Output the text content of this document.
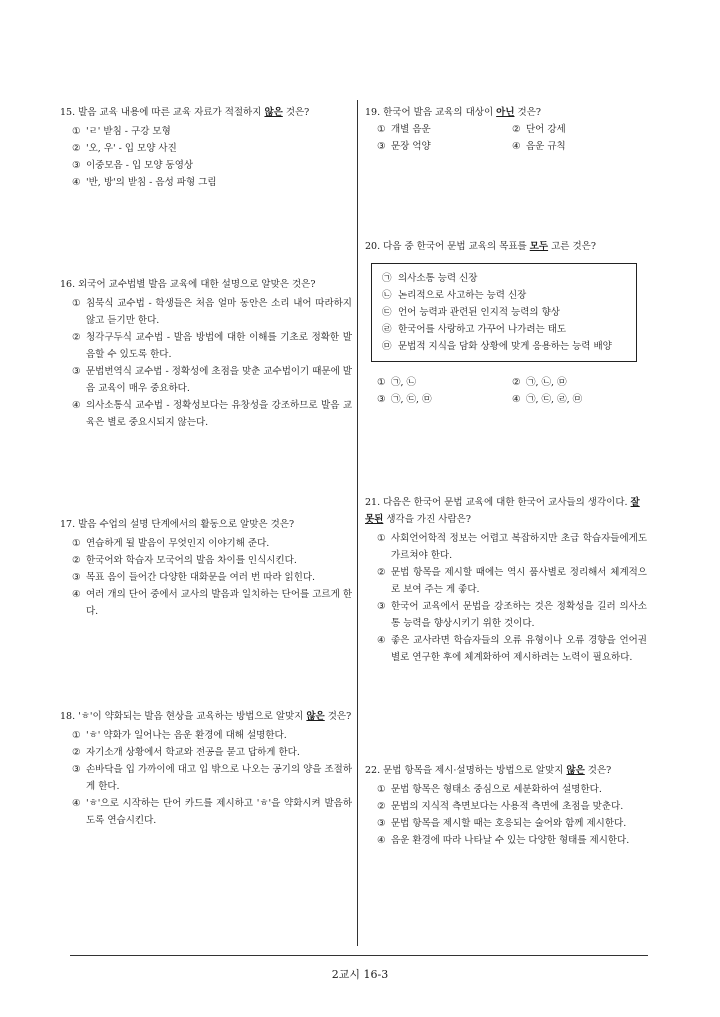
15. 발음 교육 내용에 따른 교육 자료가 적절하지 않은 것은?

① 'ㄹ' 받침 - 구강 모형
② '오, 우' - 입 모양 사진
③ 이중모음 - 입 모양 동영상
④ '반, 방'의 받침 - 음성 파형 그림

16. 외국어 교수법별 발음 교육에 대한 설명으로 알맞은 것은?

① 침묵식 교수법 - 학생들은 처음 얼마 동안은 소리 내어 따라하지 않고 듣기만 한다.
② 청각구두식 교수법 - 발음 방법에 대한 이해를 기초로 정확한 발음할 수 있도록 한다.
③ 문법번역식 교수법 - 정확성에 초점을 맞춘 교수법이기 때문에 발음 교육이 매우 중요하다.
④ 의사소통식 교수법 - 정확성보다는 유창성을 강조하므로 발음 교육은 별로 중요시되지 않는다.

17. 발음 수업의 설명 단계에서의 활동으로 알맞은 것은?

① 연습하게 될 발음이 무엇인지 이야기해 준다.
② 한국어와 학습자 모국어의 발음 차이를 인식시킨다.
③ 목표 음이 들어간 다양한 대화문을 여러 번 따라 읽힌다.
④ 여러 개의 단어 중에서 교사의 발음과 일치하는 단어를 고르게 한다.

18. 'ㅎ'이 약화되는 발음 현상을 교육하는 방법으로 알맞지 않은 것은?

① 'ㅎ' 약화가 일어나는 음운 환경에 대해 설명한다.
② 자기소개 상황에서 학교와 전공을 묻고 답하게 한다.
③ 손바닥을 입 가까이에 대고 입 밖으로 나오는 공기의 양을 조절하게 한다.
④ 'ㅎ'으로 시작하는 단어 카드를 제시하고 'ㅎ'을 약화시켜 발음하도록 연습시킨다.

19. 한국어 발음 교육의 대상이 아닌 것은?

① 개별 음운	② 단어 강세
③ 문장 억양	④ 음운 규칙

20. 다음 중 한국어 문법 교육의 목표를 모두 고른 것은?

㉠ 의사소통 능력 신장
㉡ 논리적으로 사고하는 능력 신장
㉢ 언어 능력과 관련된 인지적 능력의 향상
㉣ 한국어를 사랑하고 가꾸어 나가려는 태도
㉤ 문법적 지식을 담화 상황에 맞게 응용하는 능력 배양
① ㉠, ㉡	② ㉠, ㉡, ㉤
③ ㉠, ㉢, ㉤	④ ㉠, ㉢, ㉣, ㉤

21. 다음은 한국어 문법 교육에 대한 한국어 교사들의 생각이다. 잘못된 생각을 가진 사람은?

① 사회언어학적 정보는 어렵고 복잡하지만 초급 학습자들에게도 가르쳐야 한다.
② 문법 항목을 제시할 때에는 역시 품사별로 정리해서 체계적으로 보여 주는 게 좋다.
③ 한국어 교육에서 문법을 강조하는 것은 정확성을 길러 의사소통 능력을 향상시키기 위한 것이다.
④ 좋은 교사라면 학습자들의 오류 유형이나 오류 경향을 언어권별로 연구한 후에 체계화하여 제시하려는 노력이 필요하다.

22. 문법 항목을 제시·설명하는 방법으로 알맞지 않은 것은?

① 문법 항목은 형태소 중심으로 세분화하여 설명한다.
② 문법의 지식적 측면보다는 사용적 측면에 초점을 맞춘다.
③ 문법 항목을 제시할 때는 호응되는 술어와 함께 제시한다.
④ 음운 환경에 따라 나타날 수 있는 다양한 형태를 제시한다.
2교시 16-3
